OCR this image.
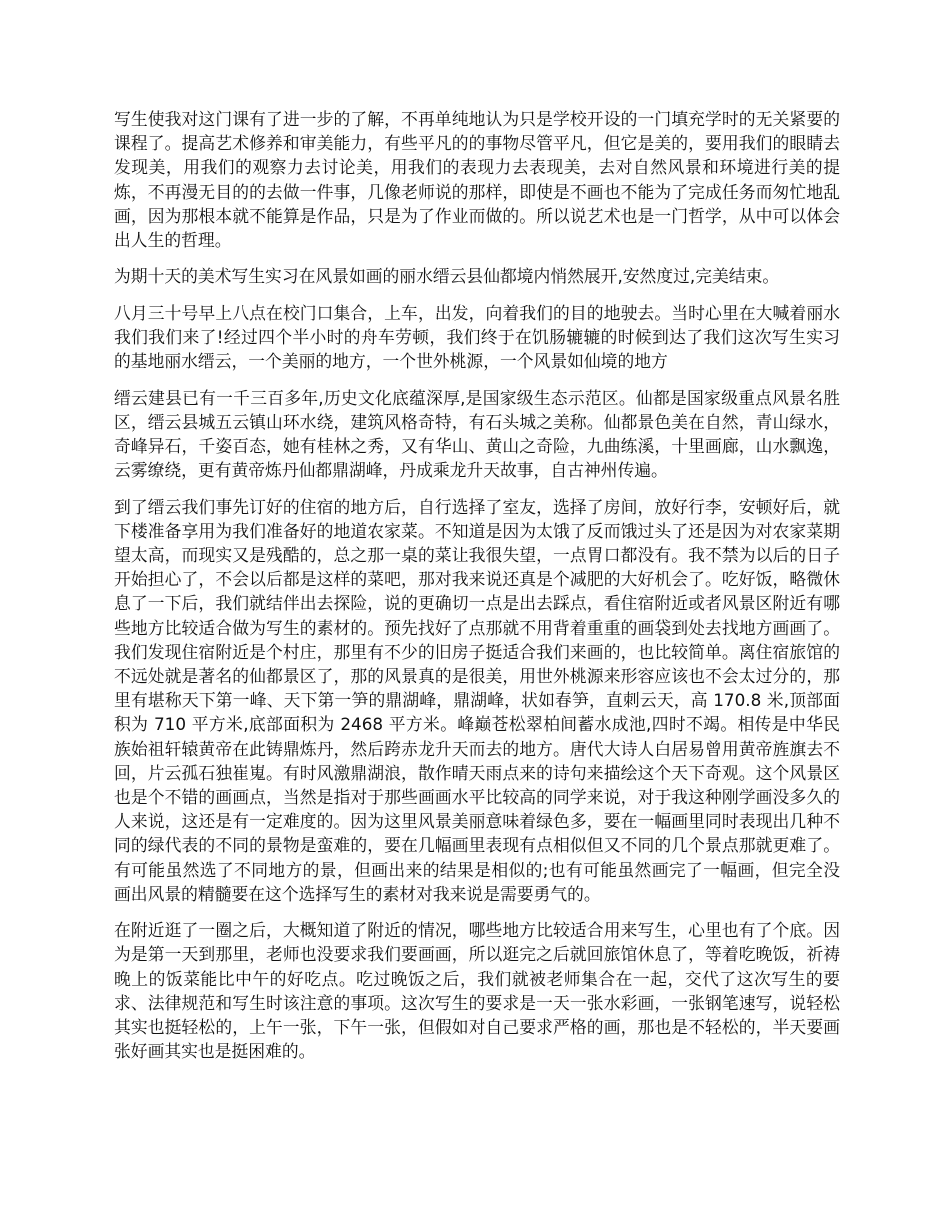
写生使我对这门课有了进一步的了解，不再单纯地认为只是学校开设的一门填充学时的无关紧要的课程了。提高艺术修养和审美能力，有些平凡的的事物尽管平凡，但它是美的，要用我们的眼睛去发现美，用我们的观察力去讨论美，用我们的表现力去表现美，去对自然风景和环境进行美的提炼，不再漫无目的的去做一件事，几像老师说的那样，即使是不画也不能为了完成任务而匆忙地乱画，因为那根本就不能算是作品，只是为了作业而做的。所以说艺术也是一门哲学，从中可以体会出人生的哲理。

为期十天的美术写生实习在风景如画的丽水缙云县仙都境内悄然展开,安然度过,完美结束。

八月三十号早上八点在校门口集合，上车，出发，向着我们的目的地驶去。当时心里在大喊着丽水我们我们来了!经过四个半小时的舟车劳顿，我们终于在饥肠辘辘的时候到达了我们这次写生实习的基地丽水缙云，一个美丽的地方，一个世外桃源，一个风景如仙境的地方

缙云建县已有一千三百多年,历史文化底蕴深厚,是国家级生态示范区。仙都是国家级重点风景名胜区，缙云县城五云镇山环水绕，建筑风格奇特，有石头城之美称。仙都景色美在自然，青山绿水，奇峰异石，千姿百态，她有桂林之秀，又有华山、黄山之奇险，九曲练溪，十里画廊，山水飘逸，云雾缭绕，更有黄帝炼丹仙都鼎湖峰，丹成乘龙升天故事，自古神州传遍。

到了缙云我们事先订好的住宿的地方后，自行选择了室友，选择了房间，放好行李，安顿好后，就下楼准备享用为我们准备好的地道农家菜。不知道是因为太饿了反而饿过头了还是因为对农家菜期望太高，而现实又是残酷的，总之那一桌的菜让我很失望，一点胃口都没有。我不禁为以后的日子开始担心了，不会以后都是这样的菜吧，那对我来说还真是个减肥的大好机会了。吃好饭，略微休息了一下后，我们就结伴出去探险，说的更确切一点是出去踩点，看住宿附近或者风景区附近有哪些地方比较适合做为写生的素材的。预先找好了点那就不用背着重重的画袋到处去找地方画画了。我们发现住宿附近是个村庄，那里有不少的旧房子挺适合我们来画的，也比较简单。离住宿旅馆的不远处就是著名的仙都景区了，那的风景真的是很美，用世外桃源来形容应该也不会太过分的，那里有堪称天下第一峰、天下第一笋的鼎湖峰，鼎湖峰，状如春笋，直刺云天，高 170.8 米,顶部面积为 710 平方米,底部面积为 2468 平方米。峰巅苍松翠柏间蓄水成池,四时不竭。相传是中华民族始祖轩辕黄帝在此铸鼎炼丹，然后跨赤龙升天而去的地方。唐代大诗人白居易曾用黄帝旌旗去不回，片云孤石独崔嵬。有时风激鼎湖浪，散作晴天雨点来的诗句来描绘这个天下奇观。这个风景区也是个不错的画画点，当然是指对于那些画画水平比较高的同学来说，对于我这种刚学画没多久的人来说，这还是有一定难度的。因为这里风景美丽意味着绿色多，要在一幅画里同时表现出几种不同的绿代表的不同的景物是蛮难的，要在几幅画里表现有点相似但又不同的几个景点那就更难了。有可能虽然选了不同地方的景，但画出来的结果是相似的;也有可能虽然画完了一幅画，但完全没画出风景的精髓要在这个选择写生的素材对我来说是需要勇气的。

在附近逛了一圈之后，大概知道了附近的情况，哪些地方比较适合用来写生，心里也有了个底。因为是第一天到那里，老师也没要求我们要画画，所以逛完之后就回旅馆休息了，等着吃晚饭，祈祷晚上的饭菜能比中午的好吃点。吃过晚饭之后，我们就被老师集合在一起，交代了这次写生的要求、法律规范和写生时该注意的事项。这次写生的要求是一天一张水彩画，一张钢笔速写，说轻松其实也挺轻松的，上午一张，下午一张，但假如对自己要求严格的画，那也是不轻松的，半天要画张好画其实也是挺困难的。
